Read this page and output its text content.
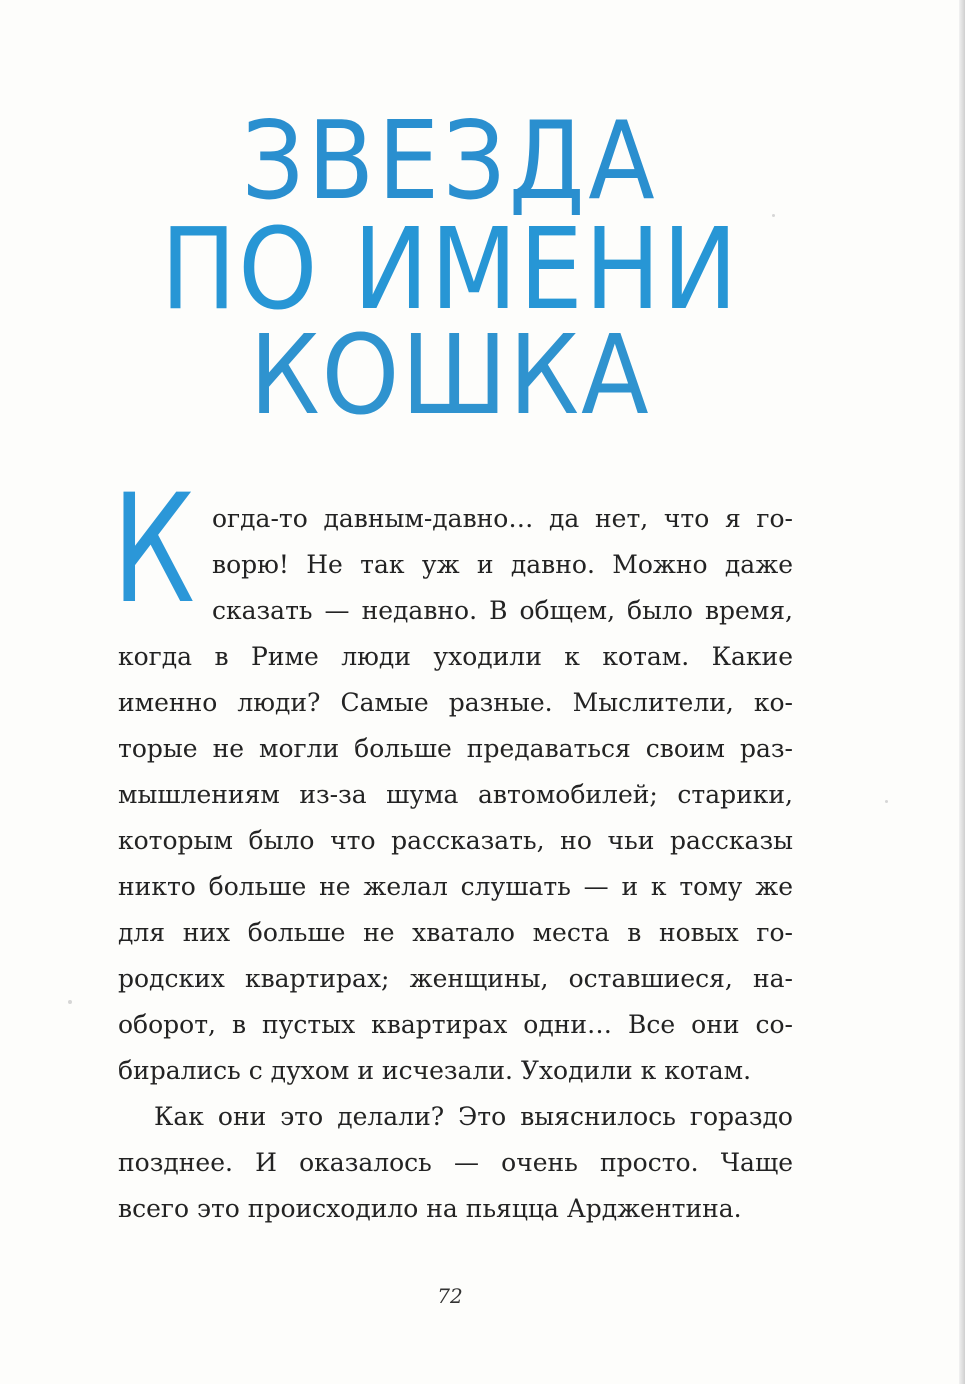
ЗВЕЗДА
ПО ИМЕНИ
КОШКА
К огда-то давным-давно… да нет, что я го-
ворю! Не так уж и давно. Можно даже
сказать — недавно. В общем, было время,
когда в Риме люди уходили к котам. Какие
именно люди? Самые разные. Мыслители, ко-
торые не могли больше предаваться своим раз-
мышлениям из-за шума автомобилей; старики,
которым было что рассказать, но чьи рассказы
никто больше не желал слушать — и к тому же
для них больше не хватало места в новых го-
родских квартирах; женщины, оставшиеся, на-
оборот, в пустых квартирах одни… Все они со-
бирались с духом и исчезали. Уходили к котам.
Как они это делали? Это выяснилось гораздо
позднее. И оказалось — очень просто. Чаще
всего это происходило на пьяцца Арджентина.
72
